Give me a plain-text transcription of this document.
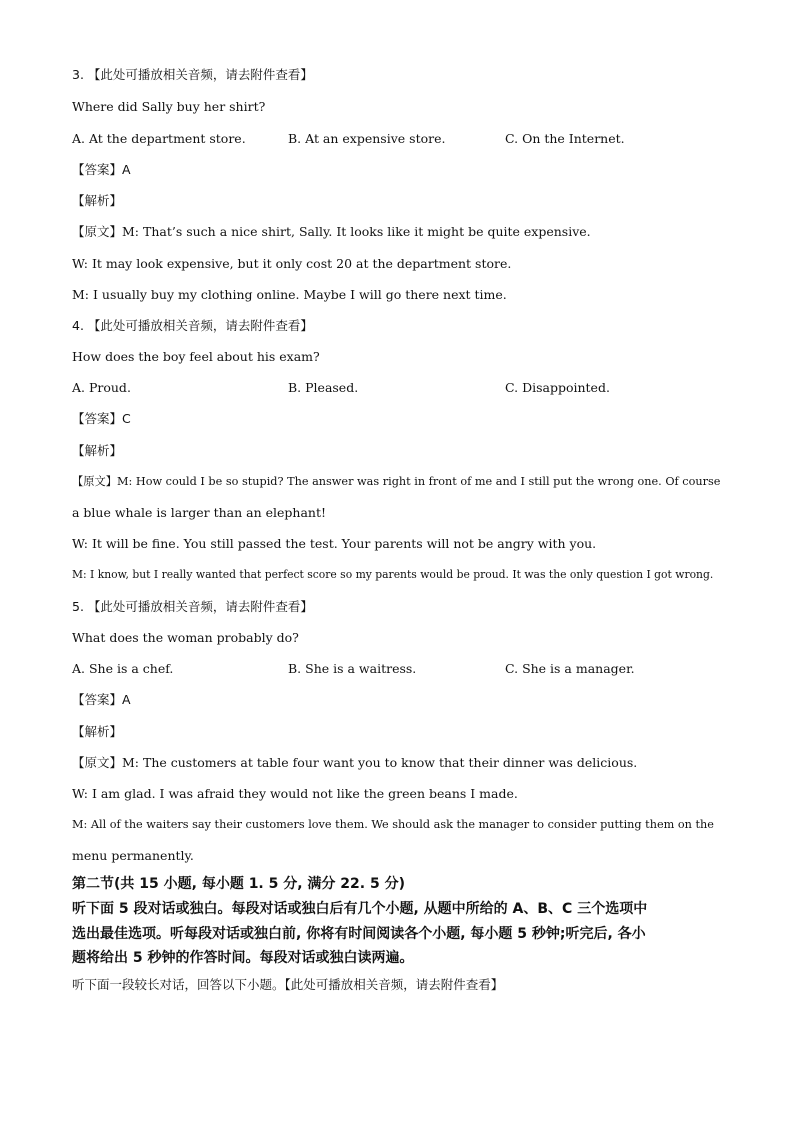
3. 【此处可播放相关音频，请去附件查看】
Where did Sally buy her shirt?
A. At the department store.	B. At an expensive store.	C. On the Internet.
【答案】A
【解析】
【原文】M: That’s such a nice shirt, Sally. It looks like it might be quite expensive.
W: It may look expensive, but it only cost 20 at the department store.
M: I usually buy my clothing online. Maybe I will go there next time.
4. 【此处可播放相关音频，请去附件查看】
How does the boy feel about his exam?
A. Proud.	B. Pleased.	C. Disappointed.
【答案】C
【解析】
【原文】M: How could I be so stupid? The answer was right in front of me and I still put the wrong one. Of course
a blue whale is larger than an elephant!
W: It will be fine. You still passed the test. Your parents will not be angry with you.
M: I know, but I really wanted that perfect score so my parents would be proud. It was the only question I got wrong.
5. 【此处可播放相关音频，请去附件查看】
What does the woman probably do?
A. She is a chef.	B. She is a waitress.	C. She is a manager.
【答案】A
【解析】
【原文】M: The customers at table four want you to know that their dinner was delicious.
W: I am glad. I was afraid they would not like the green beans I made.
M: All of the waiters say their customers love them. We should ask the manager to consider putting them on the
menu permanently.
第二节(共 15 小题, 每小题 1. 5 分, 满分 22. 5 分)
听下面 5 段对话或独白。每段对话或独白后有几个小题, 从题中所给的 A、B、C 三个选项中
选出最佳选项。听每段对话或独白前, 你将有时间阅读各个小题, 每小题 5 秒钟;听完后, 各小
题将给出 5 秒钟的作答时间。每段对话或独白读两遍。
听下面一段较长对话，回答以下小题。【此处可播放相关音频，请去附件查看】
